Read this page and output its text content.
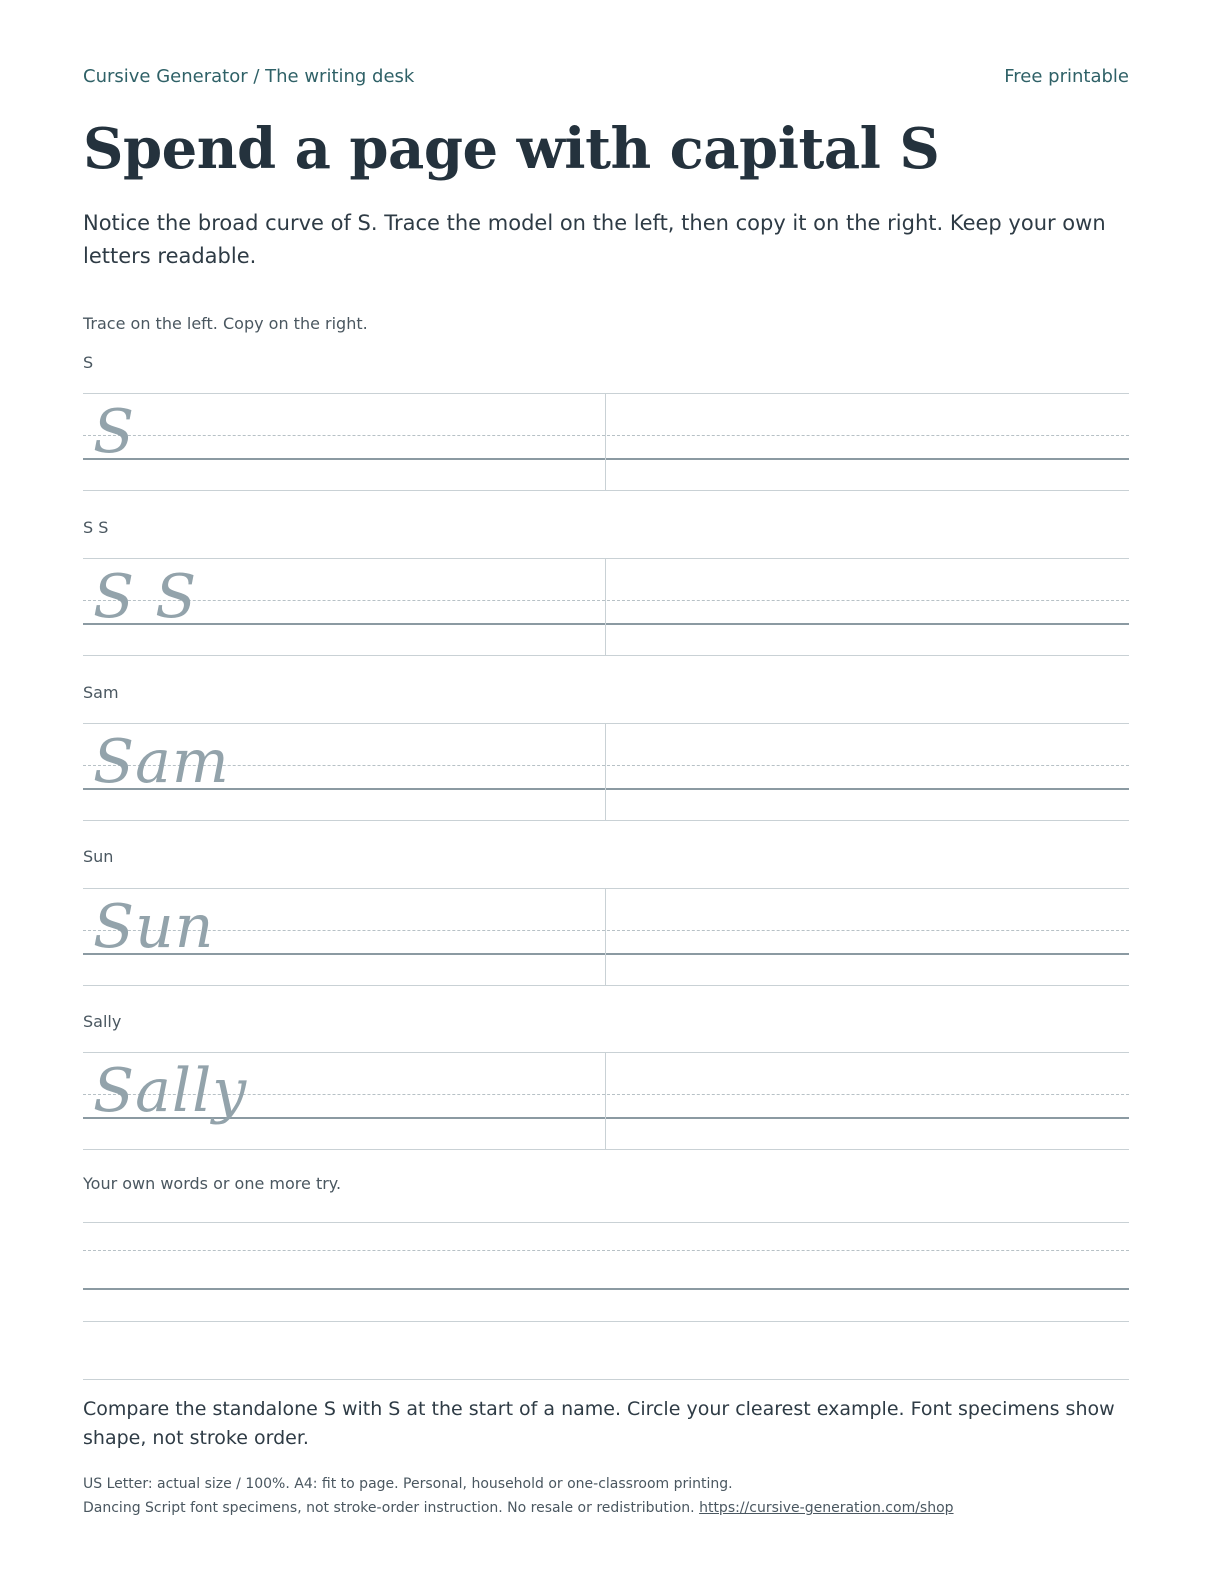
Cursive Generator / The writing desk	Free printable
Spend a page with capital S

Notice the broad curve of S. Trace the model on the left, then copy it on the right. Keep your own letters readable.

Trace on the left. Copy on the right.
S
S
S S
S S
Sam
Sam
Sun
Sun
Sally
Sally
Your own words or one more try.

Compare the standalone S with S at the start of a name. Circle your clearest example. Font specimens show shape, not stroke order.

US Letter: actual size / 100%. A4: fit to page. Personal, household or one-classroom printing.
Dancing Script font specimens, not stroke-order instruction. No resale or redistribution. https://cursive-generation.com/shop
